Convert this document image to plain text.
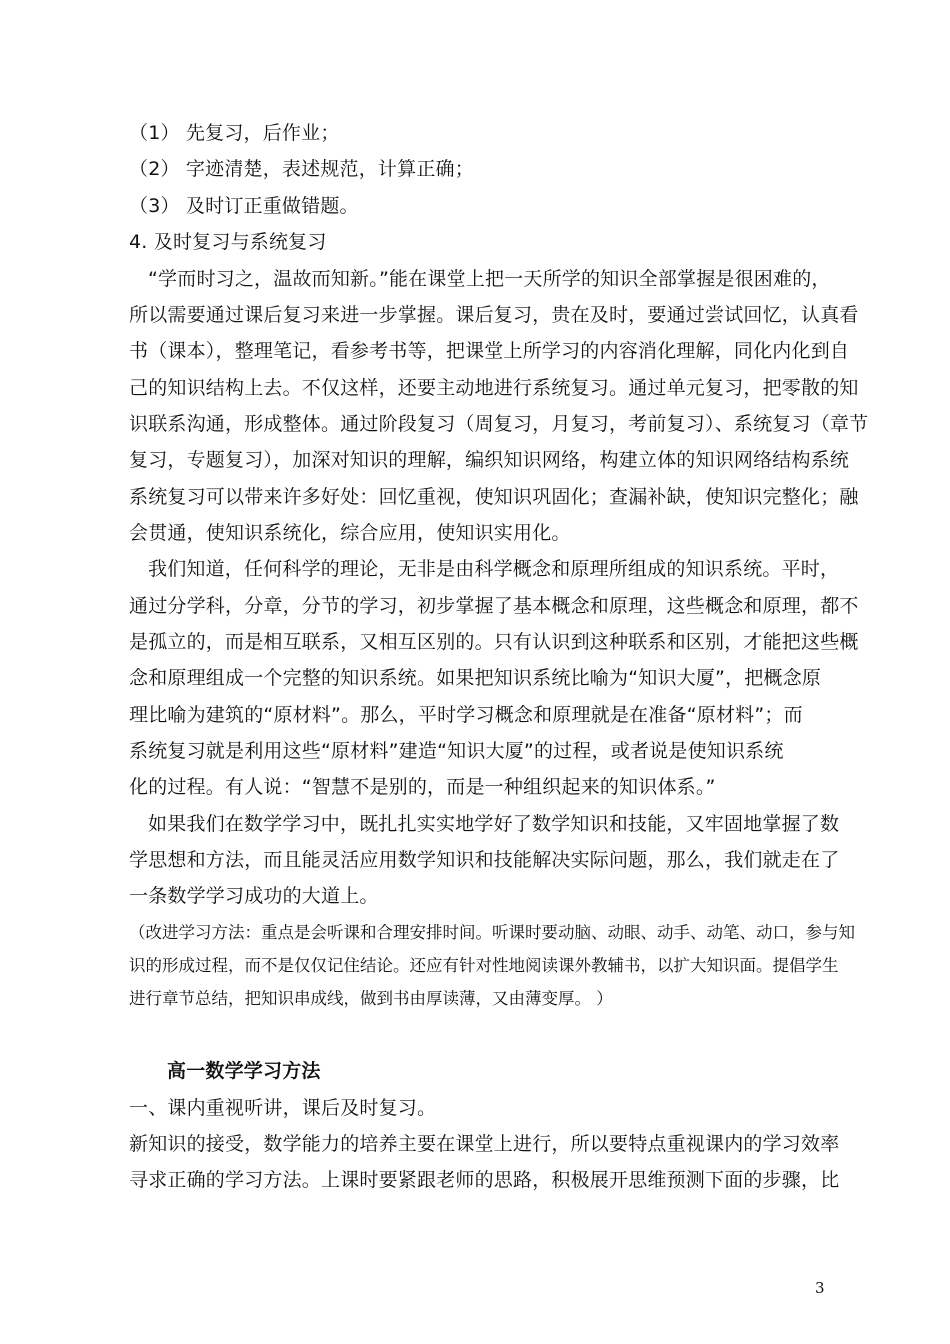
（1） 先复习，后作业；
（2） 字迹清楚，表述规范，计算正确；
（3） 及时订正重做错题。
4. 及时复习与系统复习
“学而时习之，温故而知新。”能在课堂上把一天所学的知识全部掌握是很困难的，
所以需要通过课后复习来进一步掌握。课后复习，贵在及时，要通过尝试回忆，认真看
书（课本），整理笔记，看参考书等，把课堂上所学习的内容消化理解，同化内化到自
己的知识结构上去。不仅这样，还要主动地进行系统复习。通过单元复习，把零散的知
识联系沟通，形成整体。通过阶段复习（周复习，月复习，考前复习）、系统复习（章节
复习，专题复习），加深对知识的理解，编织知识网络，构建立体的知识网络结构系统
系统复习可以带来许多好处：回忆重视，使知识巩固化；查漏补缺，使知识完整化；融
会贯通，使知识系统化，综合应用，使知识实用化。
我们知道，任何科学的理论，无非是由科学概念和原理所组成的知识系统。平时，
通过分学科，分章，分节的学习，初步掌握了基本概念和原理，这些概念和原理，都不
是孤立的，而是相互联系，又相互区别的。只有认识到这种联系和区别，才能把这些概
念和原理组成一个完整的知识系统。如果把知识系统比喻为“知识大厦”，把概念原
理比喻为建筑的“原材料”。那么，平时学习概念和原理就是在准备“原材料”；而
系统复习就是利用这些“原材料”建造“知识大厦”的过程，或者说是使知识系统
化的过程。有人说：“智慧不是别的，而是一种组织起来的知识体系。”
如果我们在数学学习中，既扎扎实实地学好了数学知识和技能，又牢固地掌握了数
学思想和方法，而且能灵活应用数学知识和技能解决实际问题，那么，我们就走在了
一条数学学习成功的大道上。
（改进学习方法：重点是会听课和合理安排时间。听课时要动脑、动眼、动手、动笔、动口，参与知
识的形成过程，而不是仅仅记住结论。还应有针对性地阅读课外教辅书，以扩大知识面。提倡学生
进行章节总结，把知识串成线，做到书由厚读薄，又由薄变厚。 ）
高一数学学习方法
一、课内重视听讲，课后及时复习。
新知识的接受，数学能力的培养主要在课堂上进行，所以要特点重视课内的学习效率
寻求正确的学习方法。上课时要紧跟老师的思路，积极展开思维预测下面的步骤，比
3
